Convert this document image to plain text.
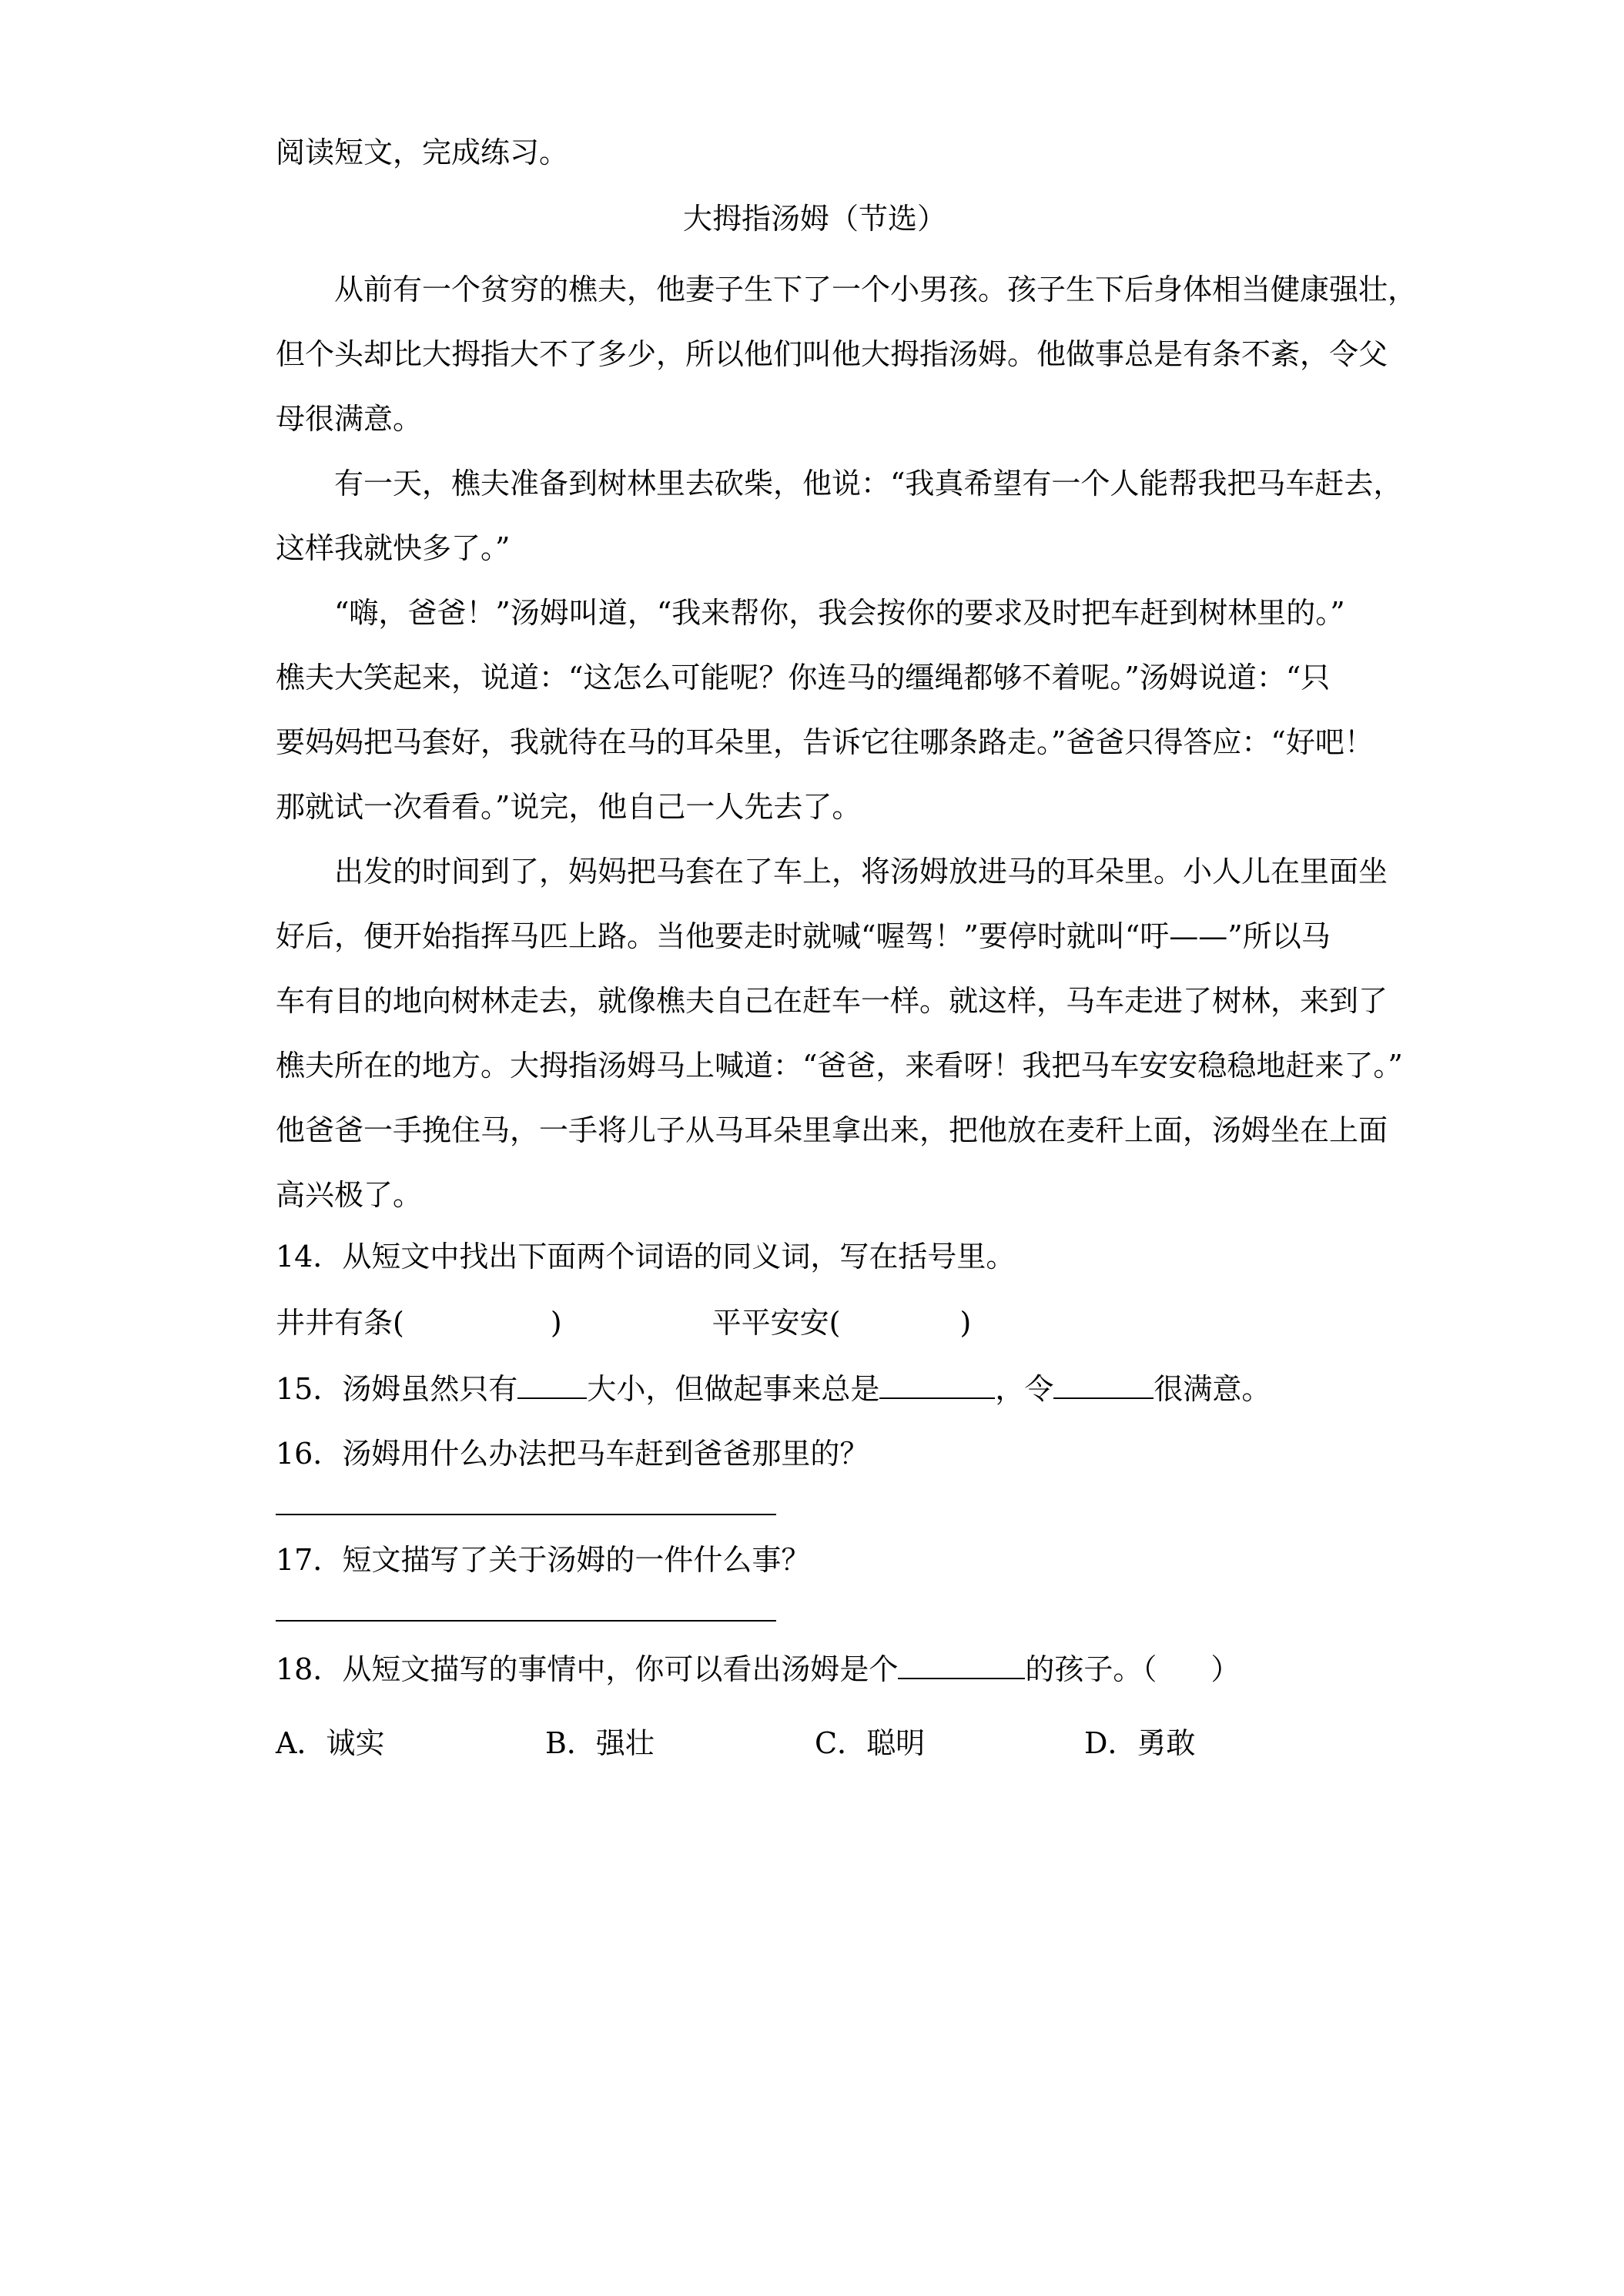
阅读短文，完成练习。
大拇指汤姆（节选）
从前有一个贫穷的樵夫，他妻子生下了一个小男孩。孩子生下后身体相当健康强壮，
但个头却比大拇指大不了多少，所以他们叫他大拇指汤姆。他做事总是有条不紊，令父
母很满意。
有一天，樵夫准备到树林里去砍柴，他说：“我真希望有一个人能帮我把马车赶去，
这样我就快多了。”
“嗨，爸爸！”汤姆叫道，“我来帮你，我会按你的要求及时把车赶到树林里的。”
樵夫大笑起来，说道：“这怎么可能呢？你连马的缰绳都够不着呢。”汤姆说道：“只
要妈妈把马套好，我就待在马的耳朵里，告诉它往哪条路走。”爸爸只得答应：“好吧！
那就试一次看看。”说完，他自己一人先去了。
出发的时间到了，妈妈把马套在了车上，将汤姆放进马的耳朵里。小人儿在里面坐
好后，便开始指挥马匹上路。当他要走时就喊“喔驾！”要停时就叫“吁——”所以马
车有目的地向树林走去，就像樵夫自己在赶车一样。就这样，马车走进了树林，来到了
樵夫所在的地方。大拇指汤姆马上喊道：“爸爸，来看呀！我把马车安安稳稳地赶来了。”
他爸爸一手挽住马，一手将儿子从马耳朵里拿出来，把他放在麦秆上面，汤姆坐在上面
高兴极了。
14．从短文中找出下面两个词语的同义词，写在括号里。
井井有条(	)	平平安安(	)
15．汤姆虽然只有 大小，但做起事来总是	，令	很满意。
16．汤姆用什么办法把马车赶到爸爸那里的？
17．短文描写了关于汤姆的一件什么事？
18．从短文描写的事情中，你可以看出汤姆是个	的孩子。（ ）
A．诚实	B．强壮	C．聪明	D．勇敢
